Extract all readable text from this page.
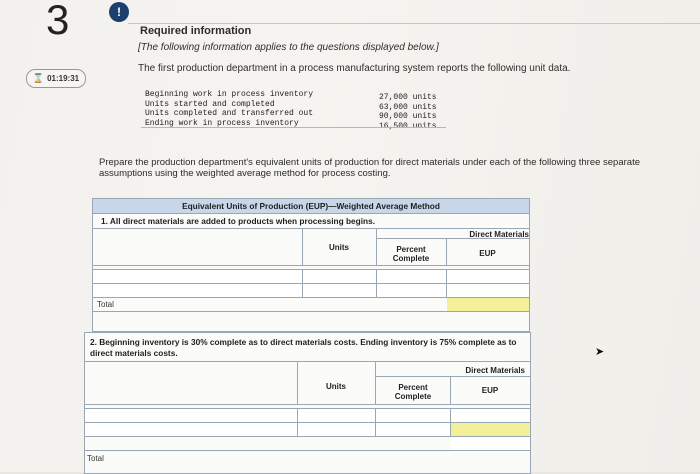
3	!
⌛ 01:19:31
Required information
[The following information applies to the questions displayed below.]
The first production department in a process manufacturing system reports the following unit data.
Beginning work in process inventory
Units started and completed
Units completed and transferred out
Ending work in process inventory
27,000 units
63,000 units
90,000 units
16,500 units
Prepare the production department's equivalent units of production for direct materials under each of the following three separate
assumptions using the weighted average method for process costing.
Equivalent Units of Production (EUP)—Weighted Average Method
1. All direct materials are added to products when processing begins.
Units
Direct Materials
Percent Complete
EUP
Total
2. Beginning inventory is 30% complete as to direct materials costs. Ending inventory is 75% complete as to direct materials costs.
Units
Direct Materials
Percent Complete
EUP
Total
➤
